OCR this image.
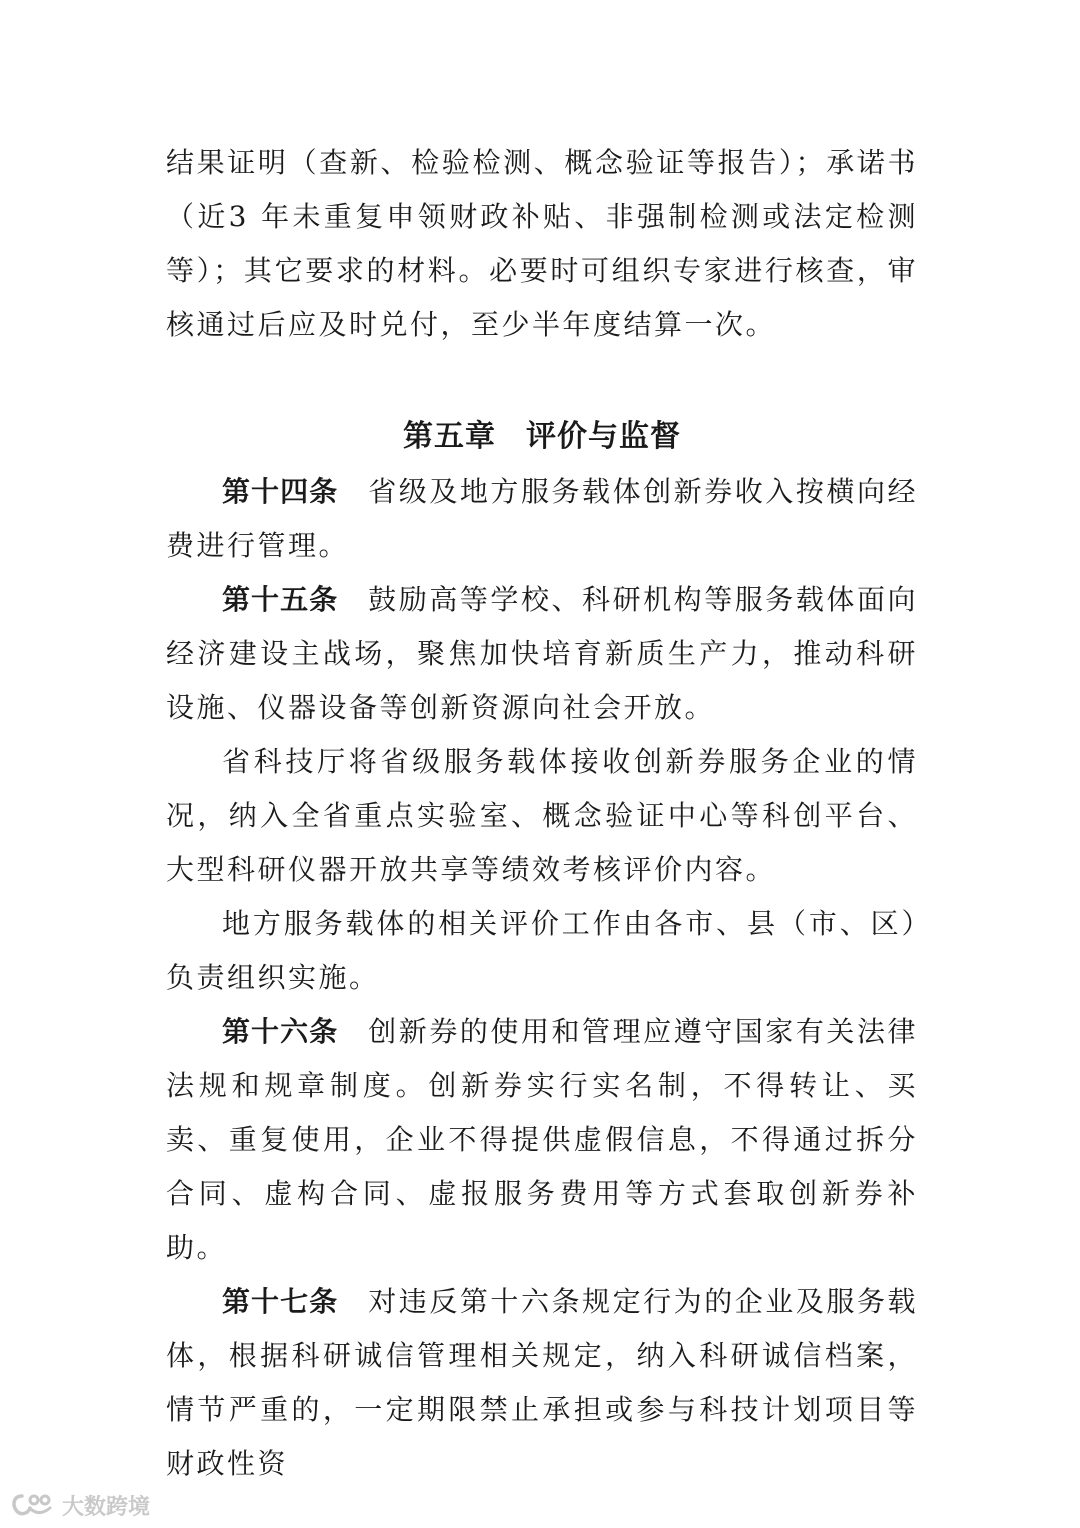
结果证明（查新、检验检测、概念验证等报告）；承诺书（近3 年未重复申领财政补贴、非强制检测或法定检测等）；其它要求的材料。必要时可组织专家进行核查，审核通过后应及时兑付，至少半年度结算一次。

第五章 评价与监督

第十四条 省级及地方服务载体创新券收入按横向经费进行管理。

第十五条 鼓励高等学校、科研机构等服务载体面向经济建设主战场，聚焦加快培育新质生产力，推动科研设施、仪器设备等创新资源向社会开放。

省科技厅将省级服务载体接收创新券服务企业的情况，纳入全省重点实验室、概念验证中心等科创平台、大型科研仪器开放共享等绩效考核评价内容。

地方服务载体的相关评价工作由各市、县（市、区）负责组织实施。

第十六条 创新券的使用和管理应遵守国家有关法律法规和规章制度。创新券实行实名制，不得转让、买卖、重复使用，企业不得提供虚假信息，不得通过拆分合同、虚构合同、虚报服务费用等方式套取创新券补助。

第十七条 对违反第十六条规定行为的企业及服务载体，根据科研诚信管理相关规定，纳入科研诚信档案，情节严重的，一定期限禁止承担或参与科技计划项目等财政性资

大数跨境
